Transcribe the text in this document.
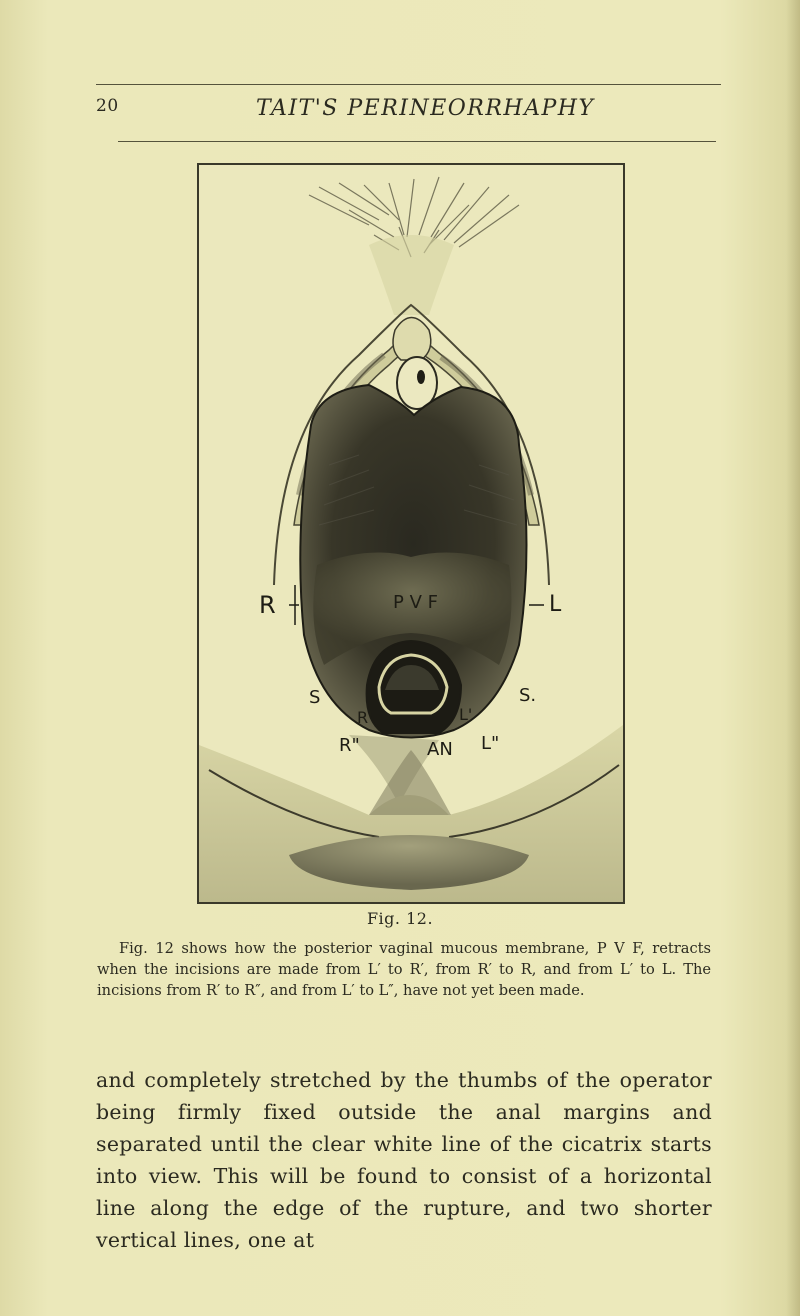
20	TAIT'S PERINEORRHAPHY
P V F
R	L
S	S.
R'
R"
L'
L"
AN
Fig. 12.

Fig. 12 shows how the posterior vaginal mucous membrane, P V F, retracts when the incisions are made from L′ to R′, from R′ to R, and from L′ to L. The incisions from R′ to R″, and from L′ to L″, have not yet been made.

and completely stretched by the thumbs of the operator being firmly fixed outside the anal margins and separated until the clear white line of the cicatrix starts into view. This will be found to consist of a horizontal line along the edge of the rupture, and two shorter vertical lines, one at
